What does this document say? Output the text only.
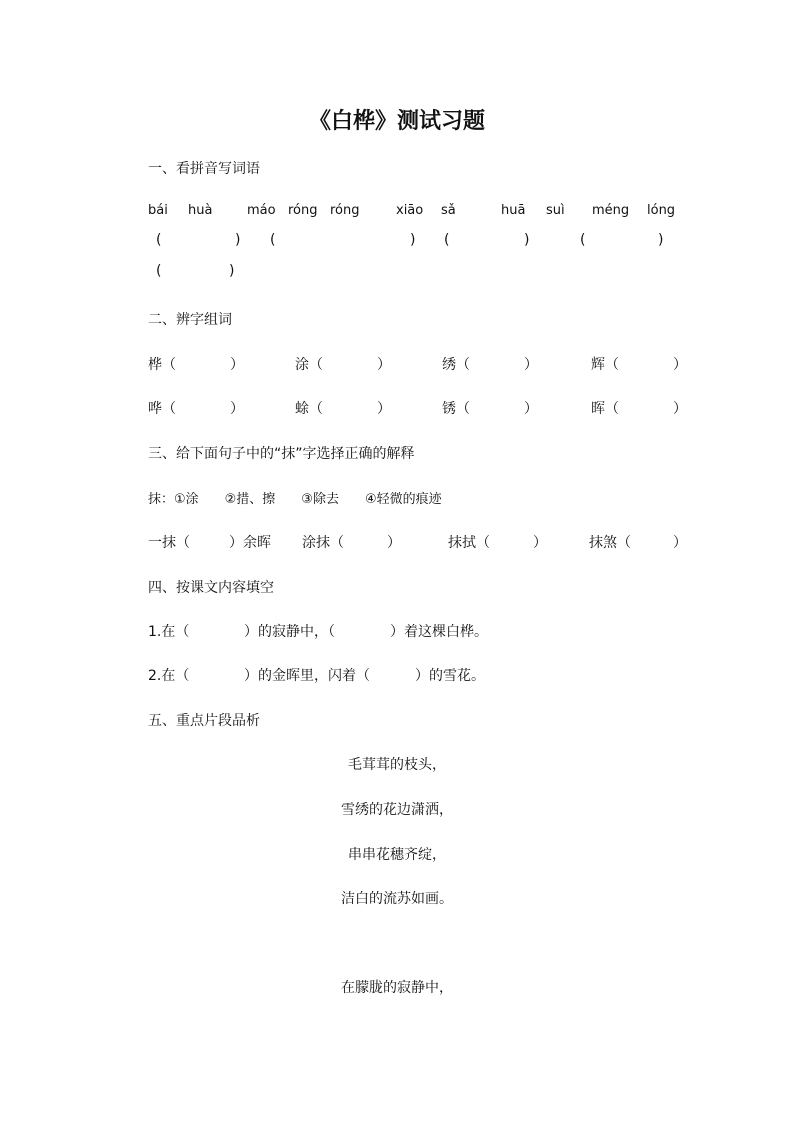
《白桦》测试习题
一、看拼音写词语
bái huà	máo róng róng	xiāo sǎ	huā suì méng lóng
(	) (	) (	)	(	)
(	)
二、辨字组词
桦 （	）	涂 （	）	绣 （	）	辉 （	）
哗 （	）	蜍 （	）	锈 （	）	晖 （	）
三、给下面句子中的“抹”字选择正确的解释
抹：①涂　　②措、擦　　③除去　　④轻微的痕迹
一抹（	）余晖 涂抹（	）	抹拭（	）	抹煞（	）
四、按课文内容填空
1.在（	）的寂静中，（	）着这棵白桦。
2.在（	）的金晖里，闪着（	）的雪花。
五、重点片段品析
毛茸茸的枝头，
雪绣的花边潇洒，
串串花穗齐绽，
洁白的流苏如画。
在朦胧的寂静中，
